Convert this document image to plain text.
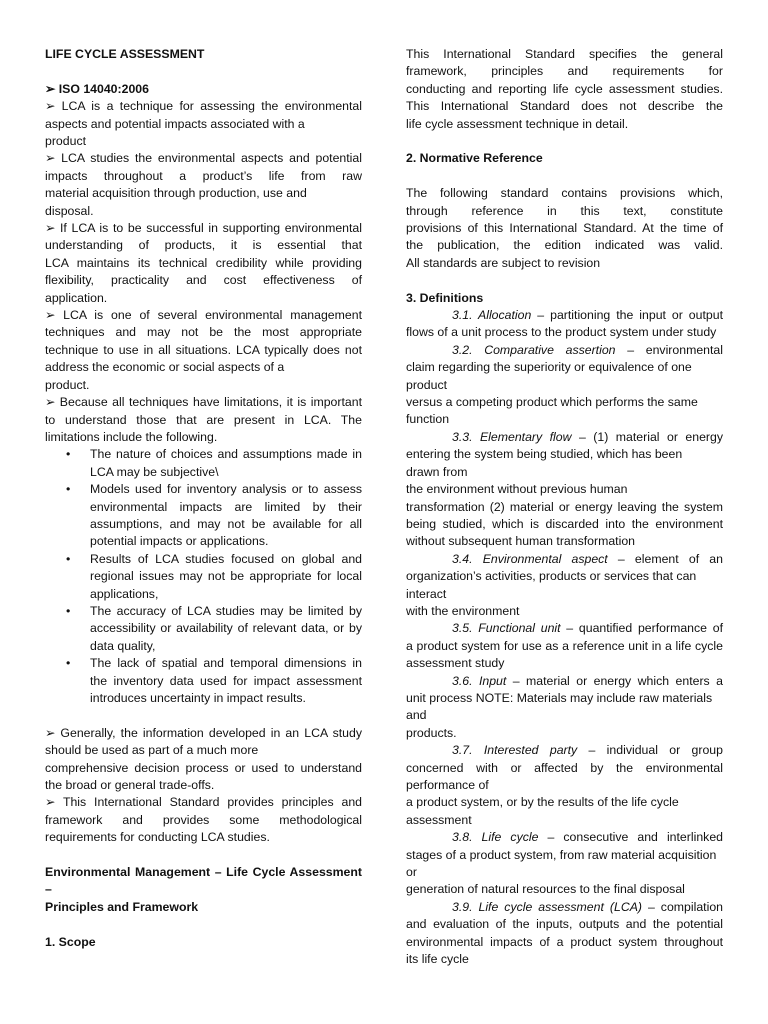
LIFE CYCLE ASSESSMENT
➢ ISO 14040:2006
➢ LCA is a technique for assessing the environmental
aspects and potential impacts associated with a
product
➢ LCA studies the environmental aspects and potential
impacts throughout a product’s life from raw
material acquisition through production, use and
disposal.
➢ If LCA is to be successful in supporting environmental
understanding of products, it is essential that
LCA maintains its technical credibility while providing
flexibility, practicality and cost effectiveness of
application.
➢ LCA is one of several environmental management
techniques and may not be the most appropriate
technique to use in all situations. LCA typically does not
address the economic or social aspects of a
product.
➢ Because all techniques have limitations, it is important
to understand those that are present in LCA. The
limitations include the following.
• The nature of choices and assumptions made in
LCA may be subjective\
• Models used for inventory analysis or to assess
environmental impacts are limited by their
assumptions, and may not be available for all
potential impacts or applications.
• Results of LCA studies focused on global and
regional issues may not be appropriate for local
applications,
• The accuracy of LCA studies may be limited by
accessibility or availability of relevant data, or by
data quality,
• The lack of spatial and temporal dimensions in
the inventory data used for impact assessment
introduces uncertainty in impact results.
➢ Generally, the information developed in an LCA study
should be used as part of a much more
comprehensive decision process or used to understand
the broad or general trade-offs.
➢ This International Standard provides principles and
framework and provides some methodological
requirements for conducting LCA studies.
Environmental Management – Life Cycle Assessment –
Principles and Framework
1. Scope
This International Standard specifies the general
framework, principles and requirements for
conducting and reporting life cycle assessment studies.
This International Standard does not describe the
life cycle assessment technique in detail.
2. Normative Reference
The following standard contains provisions which,
through reference in this text, constitute
provisions of this International Standard. At the time of
the publication, the edition indicated was valid.
All standards are subject to revision
3. Definitions
3.1. Allocation – partitioning the input or output
flows of a unit process to the product system under study
3.2. Comparative assertion – environmental
claim regarding the superiority or equivalence of one
product
versus a competing product which performs the same
function
3.3. Elementary flow – (1) material or energy
entering the system being studied, which has been
drawn from
the environment without previous human
transformation (2) material or energy leaving the system
being studied, which is discarded into the environment
without subsequent human transformation
3.4. Environmental aspect – element of an
organization’s activities, products or services that can
interact
with the environment
3.5. Functional unit – quantified performance of
a product system for use as a reference unit in a life cycle
assessment study
3.6. Input – material or energy which enters a
unit process NOTE: Materials may include raw materials
and
products.
3.7. Interested party – individual or group
concerned with or affected by the environmental
performance of
a product system, or by the results of the life cycle
assessment
3.8. Life cycle – consecutive and interlinked
stages of a product system, from raw material acquisition
or
generation of natural resources to the final disposal
3.9. Life cycle assessment (LCA) – compilation
and evaluation of the inputs, outputs and the potential
environmental impacts of a product system throughout
its life cycle
